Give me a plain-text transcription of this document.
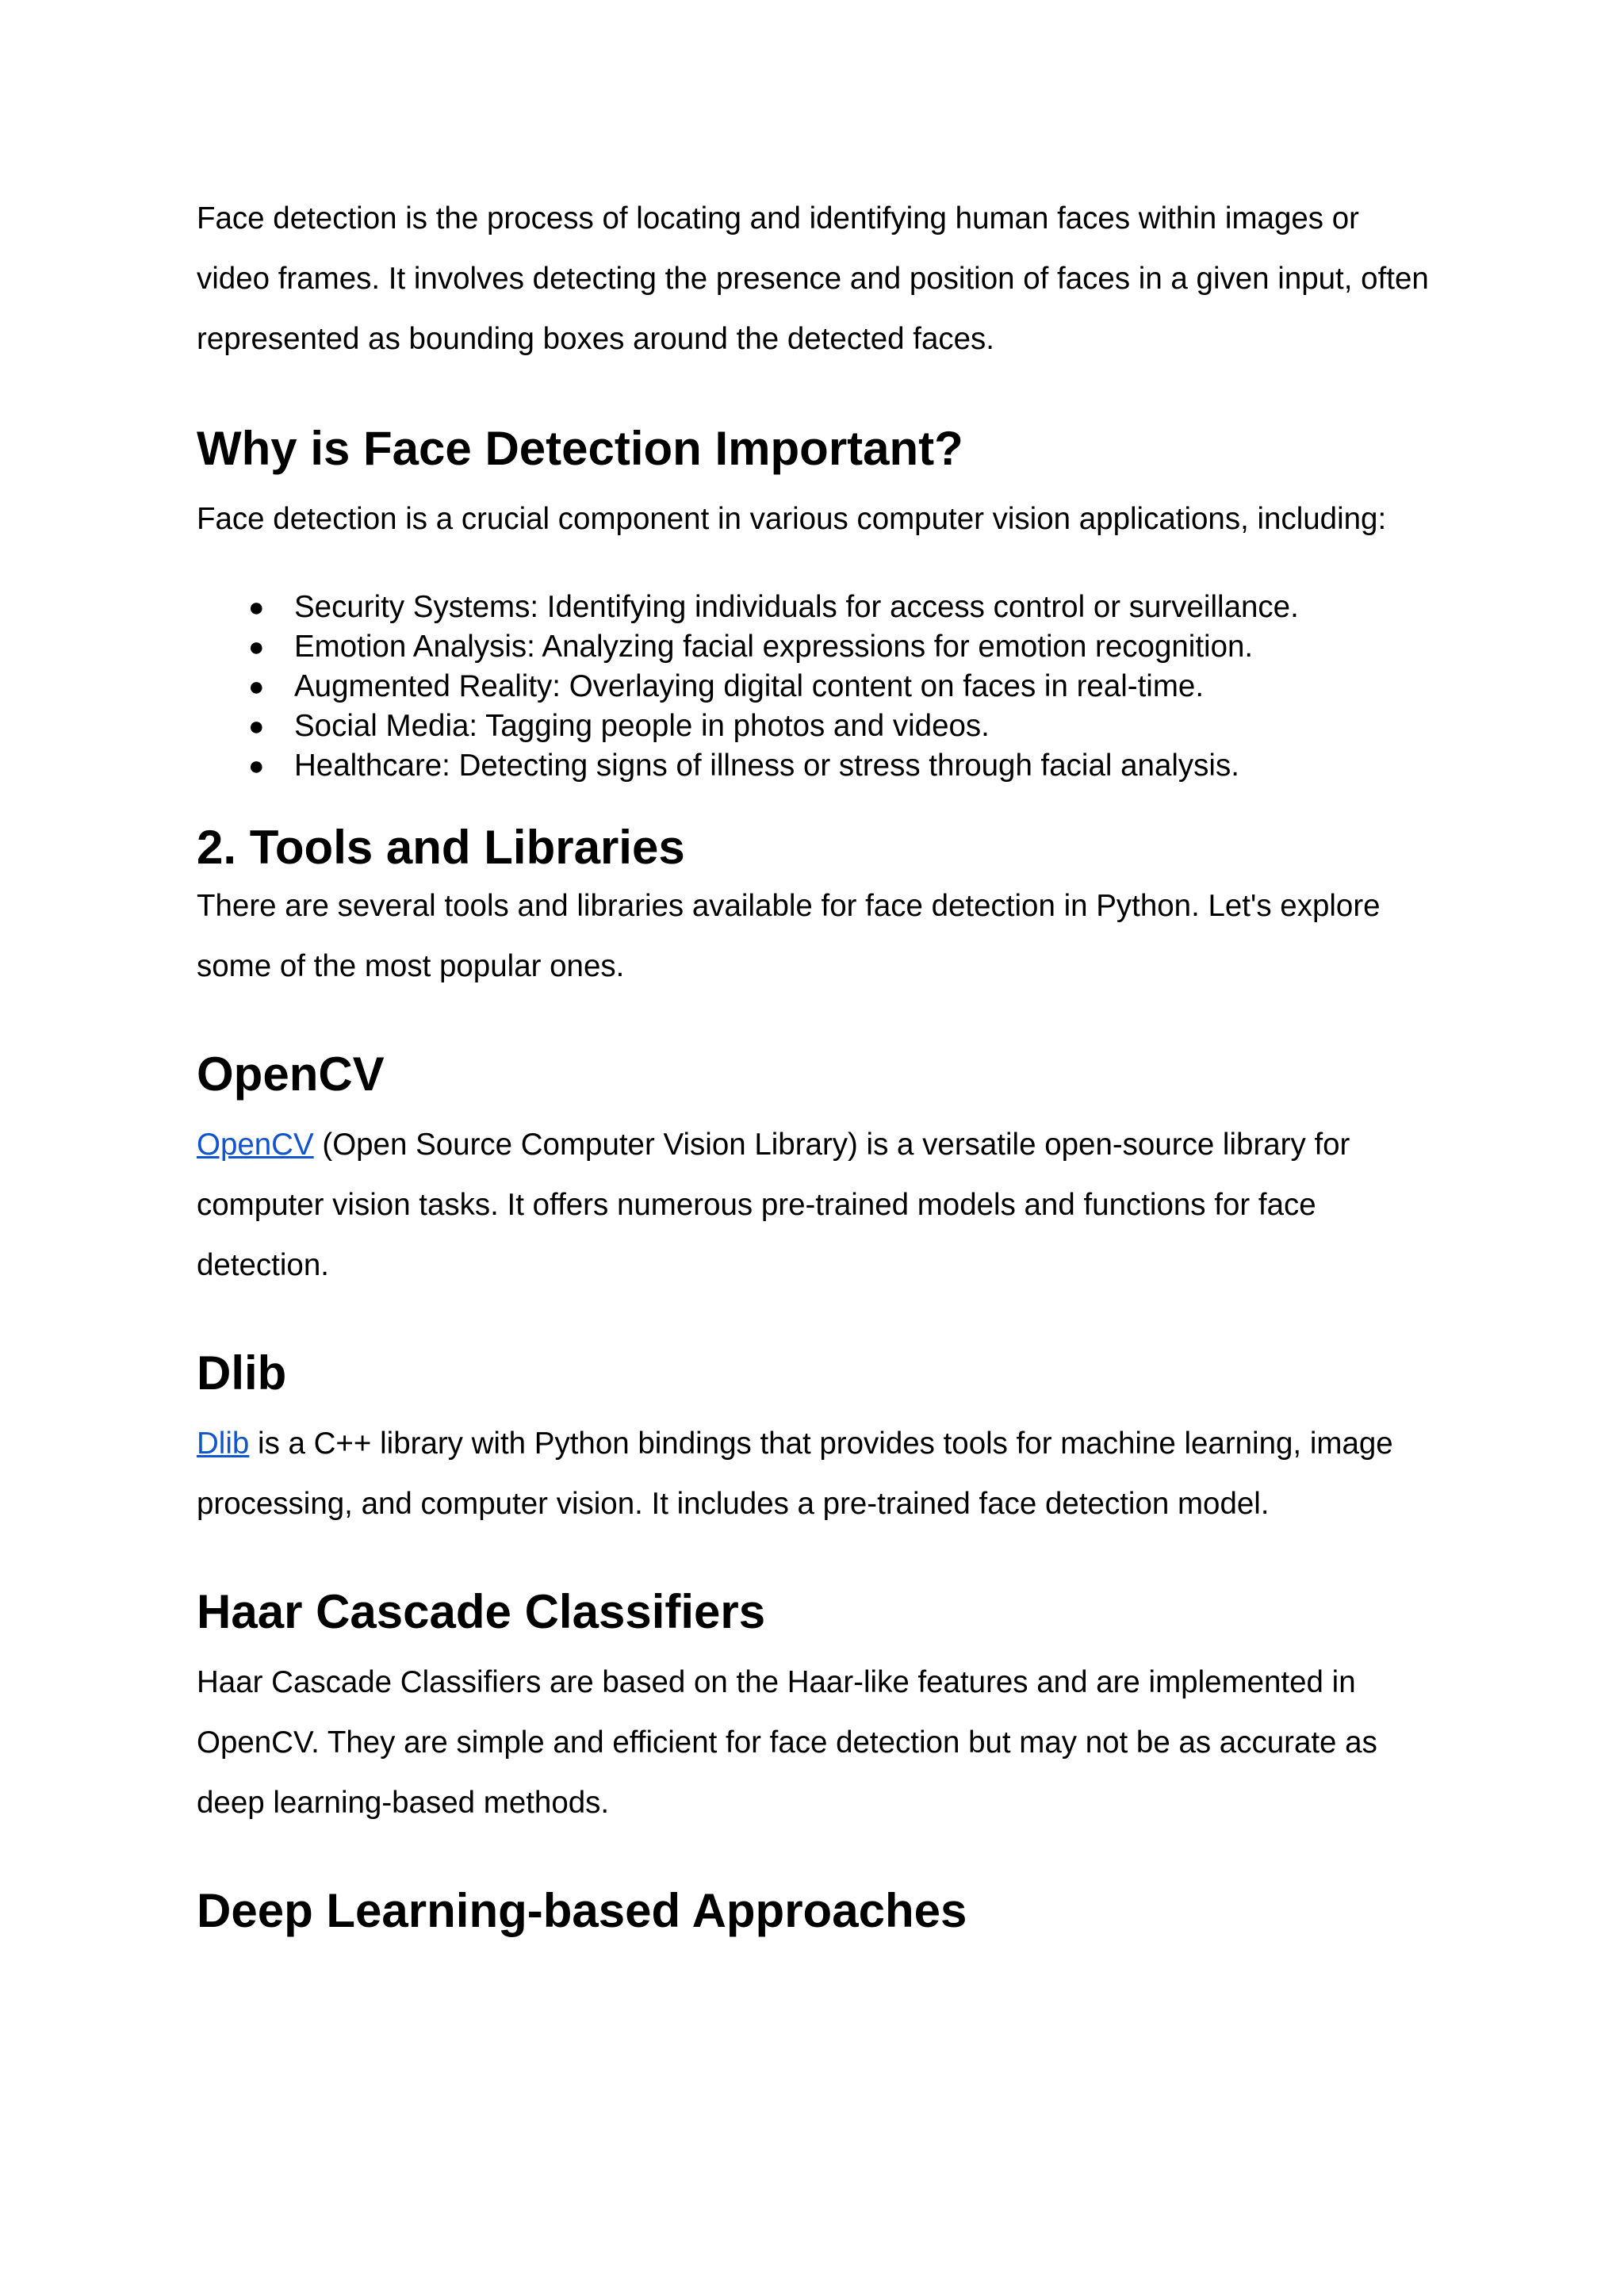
Face detection is the process of locating and identifying human faces within images or video frames. It involves detecting the presence and position of faces in a given input, often represented as bounding boxes around the detected faces.

Why is Face Detection Important?

Face detection is a crucial component in various computer vision applications, including:

● Security Systems: Identifying individuals for access control or surveillance.
● Emotion Analysis: Analyzing facial expressions for emotion recognition.
● Augmented Reality: Overlaying digital content on faces in real-time.
● Social Media: Tagging people in photos and videos.
● Healthcare: Detecting signs of illness or stress through facial analysis.
2. Tools and Libraries

There are several tools and libraries available for face detection in Python. Let's explore some of the most popular ones.

OpenCV

OpenCV (Open Source Computer Vision Library) is a versatile open-source library for computer vision tasks. It offers numerous pre-trained models and functions for face detection.

Dlib

Dlib is a C++ library with Python bindings that provides tools for machine learning, image processing, and computer vision. It includes a pre-trained face detection model.

Haar Cascade Classifiers

Haar Cascade Classifiers are based on the Haar-like features and are implemented in OpenCV. They are simple and efficient for face detection but may not be as accurate as deep learning-based methods.

Deep Learning-based Approaches
